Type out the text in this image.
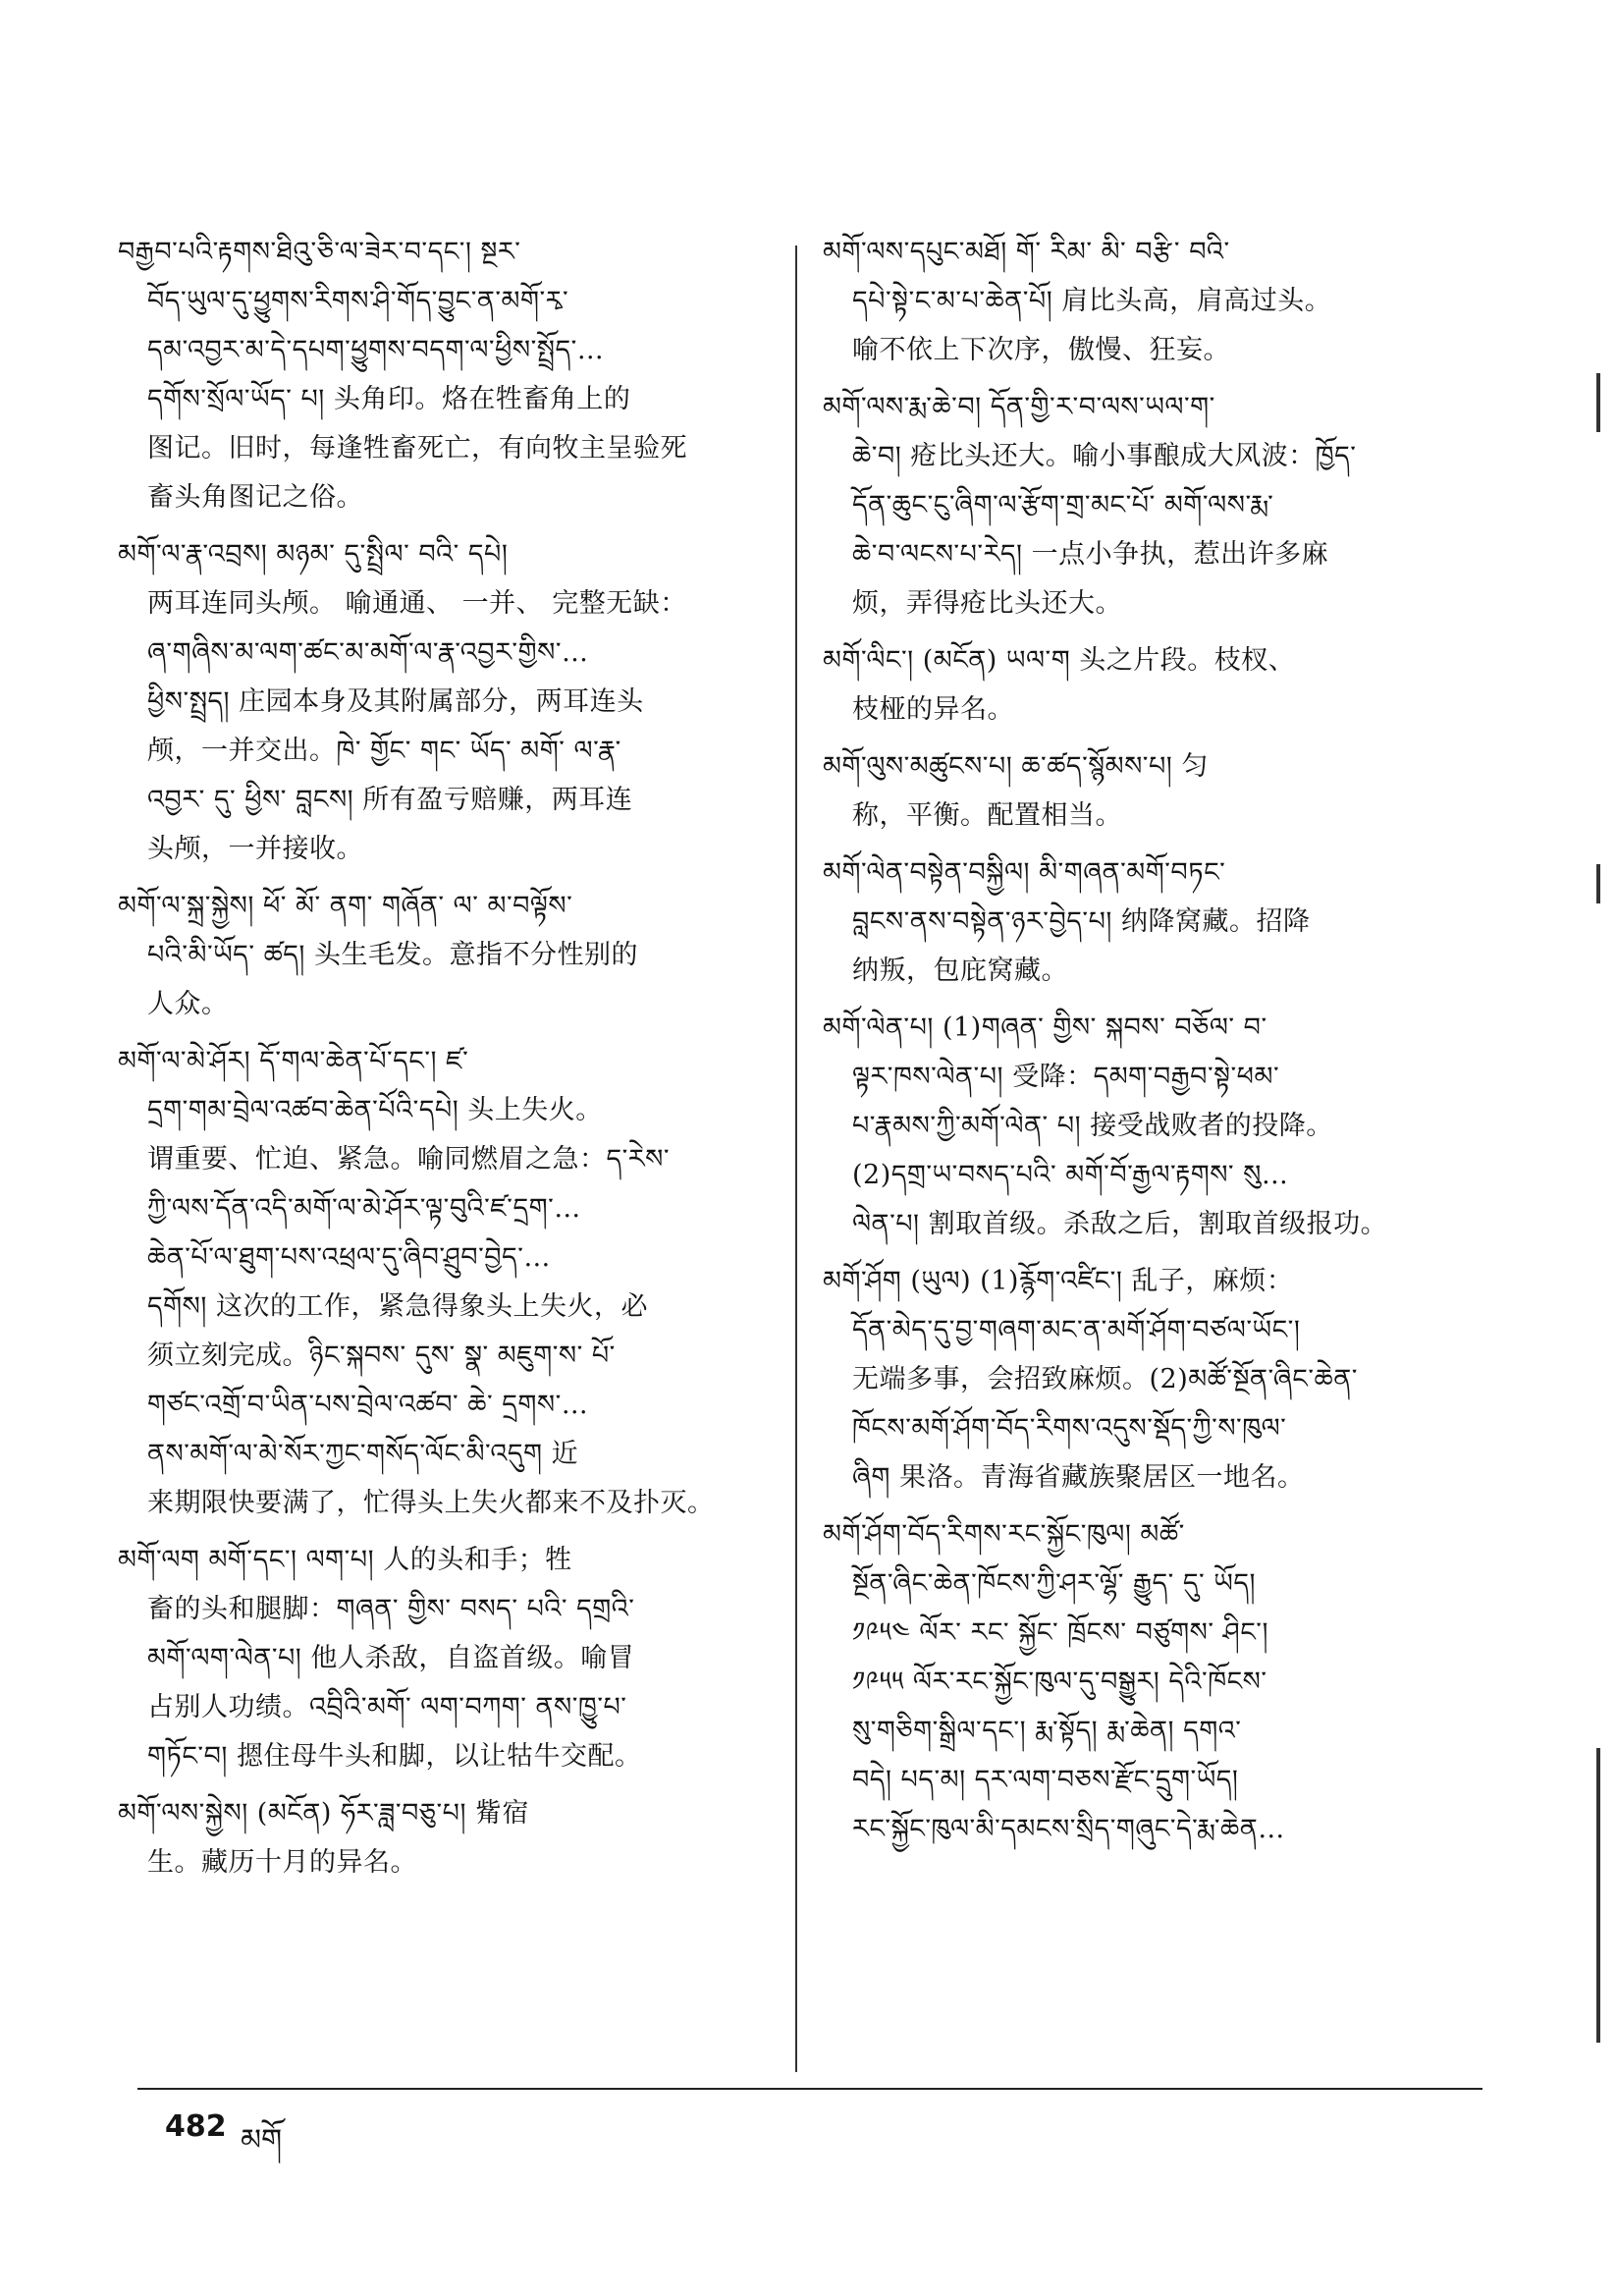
བརྒྱབ་པའི་རྟགས་ཐིའུ་ཅི་ལ་ཟེར་བ་དང་། སྔར་
བོད་ཡུལ་དུ་ཕྱུགས་རིགས་ཤི་གོད་བྱུང་ན་མགོ་རྭ་
དམ་འབྱར་མ་དེ་དཔག་ཕྱུགས་བདག་ལ་ཕྱིས་སྤྲོད་…
དགོས་སྲོལ་ཡོད་ པ། 头角印。烙在牲畜角上的
图记。旧时，每逢牲畜死亡，有向牧主呈验死
畜头角图记之俗。
མགོ་ལ་རྣ་འབྲས། མཉམ་ དུ་སྤྲིལ་ བའི་ དཔེ།
两耳连同头颅。 喻通通、 一并、 完整无缺：
ཞ་གཞིས་མ་ལག་ཚང་མ་མགོ་ལ་རྣ་འབྱར་གྱིས་…
ཕྱིས་སྤྲད། 庄园本身及其附属部分，两耳连头
颅，一并交出。ཁེ་ གྱོང་ གང་ ཡོད་ མགོ་ ལ་རྣ་
འབྱར་ དུ་ ཕྱིས་ བླངས། 所有盈亏赔赚，两耳连
头颅，一并接收。
མགོ་ལ་སྐྲ་སྐྱེས། ཕོ་ མོ་ ནག་ གཞོན་ ལ་ མ་བལྟོས་
པའི་མི་ཡོད་ ཚད། 头生毛发。意指不分性别的
人众。
མགོ་ལ་མེ་ཤོར། དོ་གལ་ཆེན་པོ་དང་། ཛ་
དྲག་གམ་བྲེལ་འཚབ་ཆེན་པོའི་དཔེ། 头上失火。
谓重要、忙迫、紧急。喻同燃眉之急：ད་རེས་
ཀྱི་ལས་དོན་འདི་མགོ་ལ་མེ་ཤོར་ལྟ་བུའི་ཛ་དྲག་…
ཆེན་པོ་ལ་ཐུག་པས་འཕྲལ་དུ་ཞིབ་ཤྲུབ་བྱེད་…
དགོས། 这次的工作，紧急得象头上失火，必
须立刻完成。ཉིང་སྐབས་ དུས་ སྣ་ མཇུག་ས་ པོ་
གཙང་འགྲོ་བ་ཡིན་པས་བྲེལ་འཚབ་ ཆེ་ དྲགས་…
ནས་མགོ་ལ་མེ་སོར་ཀྱང་གསོད་ལོང་མི་འདུག 近
来期限快要满了，忙得头上失火都来不及扑灭。
མགོ་ལག མགོ་དང་། ལག་པ། 人的头和手；牲
畜的头和腿脚：གཞན་ གྱིས་ བསད་ པའི་ དགྲའི་
མགོ་ལག་ལེན་པ། 他人杀敌，自盗首级。喻冒
占别人功绩。འབྲིའི་མགོ་ ལག་བཀག་ ནས་ཁྱུ་པ་
གཏོང་བ། 摁住母牛头和脚，以让牯牛交配。
མགོ་ལས་སྐྱེས། (མངོན) ཧོར་ཟླ་བཅུ་པ། 觜宿
生。藏历十月的异名。
མགོ་ལས་དཔུང་མཐོ། གོ་ རིམ་ མི་ བརྩི་ བའི་
དཔེ་སྟེ་ང་མ་པ་ཆེན་པོ། 肩比头高，肩高过头。
喻不依上下次序，傲慢、狂妄。
མགོ་ལས་རྨ་ཆེ་བ། དོན་གྱི་ར་བ་ལས་ཡལ་ག་
ཆེ་བ། 疮比头还大。喻小事酿成大风波：ཁྱོད་
དོན་ཆུང་ངུ་ཞིག་ལ་རྩོག་གྲ་མང་པོ་ མགོ་ལས་རྨ་
ཆེ་བ་ལངས་པ་རེད། 一点小争执，惹出许多麻
烦，弄得疮比头还大。
མགོ་ལིང་། (མངོན) ཡལ་ག 头之片段。枝杈、
枝桠的异名。
མགོ་ལུས་མཚུངས་པ། ཆ་ཚད་སྙོམས་པ། 匀
称，平衡。配置相当。
མགོ་ལེན་བསྟེན་བསྐྱིལ། མི་གཞན་མགོ་བཏང་
བླངས་ནས་བསྟེན་ཉར་བྱེད་པ། 纳降窝藏。招降
纳叛，包庇窝藏。
མགོ་ལེན་པ། (1)གཞན་ གྱིས་ སྐབས་ བཅོལ་ བ་
ལྟར་ཁས་ལེན་པ། 受降：དམག་བརྒྱབ་སྟེ་ཕམ་
པ་རྣམས་ཀྱི་མགོ་ལེན་ པ། 接受战败者的投降。
(2)དགྲ་ཡ་བསད་པའི་ མགོ་བོ་རྒྱལ་རྟགས་ སུ…
ལེན་པ། 割取首级。杀敌之后，割取首级报功。
མགོ་ཤོག (ཡུལ) (1)རྙོག་འཛིང་། 乱子，麻烦：
དོན་མེད་དུ་བྱ་གཞག་མང་ན་མགོ་ཤོག་བཙལ་ཡོང་།
无端多事，会招致麻烦。(2)མཚོ་སྔོན་ཞིང་ཆེན་
ཁོངས་མགོ་ཤོག་བོད་རིགས་འདུས་སྡོད་ཀྱི་ས་ཁུལ་
ཞིག 果洛。青海省藏族聚居区一地名。
མགོ་ཤོག་བོད་རིགས་རང་སྐྱོང་ཁུལ། མཚོ་
སྔོན་ཞིང་ཆེན་ཁོངས་ཀྱི་ཤར་ལྷོ་ རྒྱུད་ དུ་ ཡོད།
༡༩༥༤ ལོར་ རང་ སྐྱོང་ ཁྲོངས་ བཙུགས་ ཤིང་།
༡༩༥༥ ལོར་རང་སྐྱོང་ཁུལ་དུ་བསྒྱུར། དེའི་ཁོངས་
སུ་གཅིག་སྒྲིལ་དང་། རྨ་སྟོད། རྨ་ཆེན། དགའ་
བདེ། པད་མ། དར་ལག་བཅས་རྫོང་དྲུག་ཡོད།
རང་སྐྱོང་ཁུལ་མི་དམངས་སྲིད་གཞུང་དེ་རྨ་ཆེན…
482 མགོ
